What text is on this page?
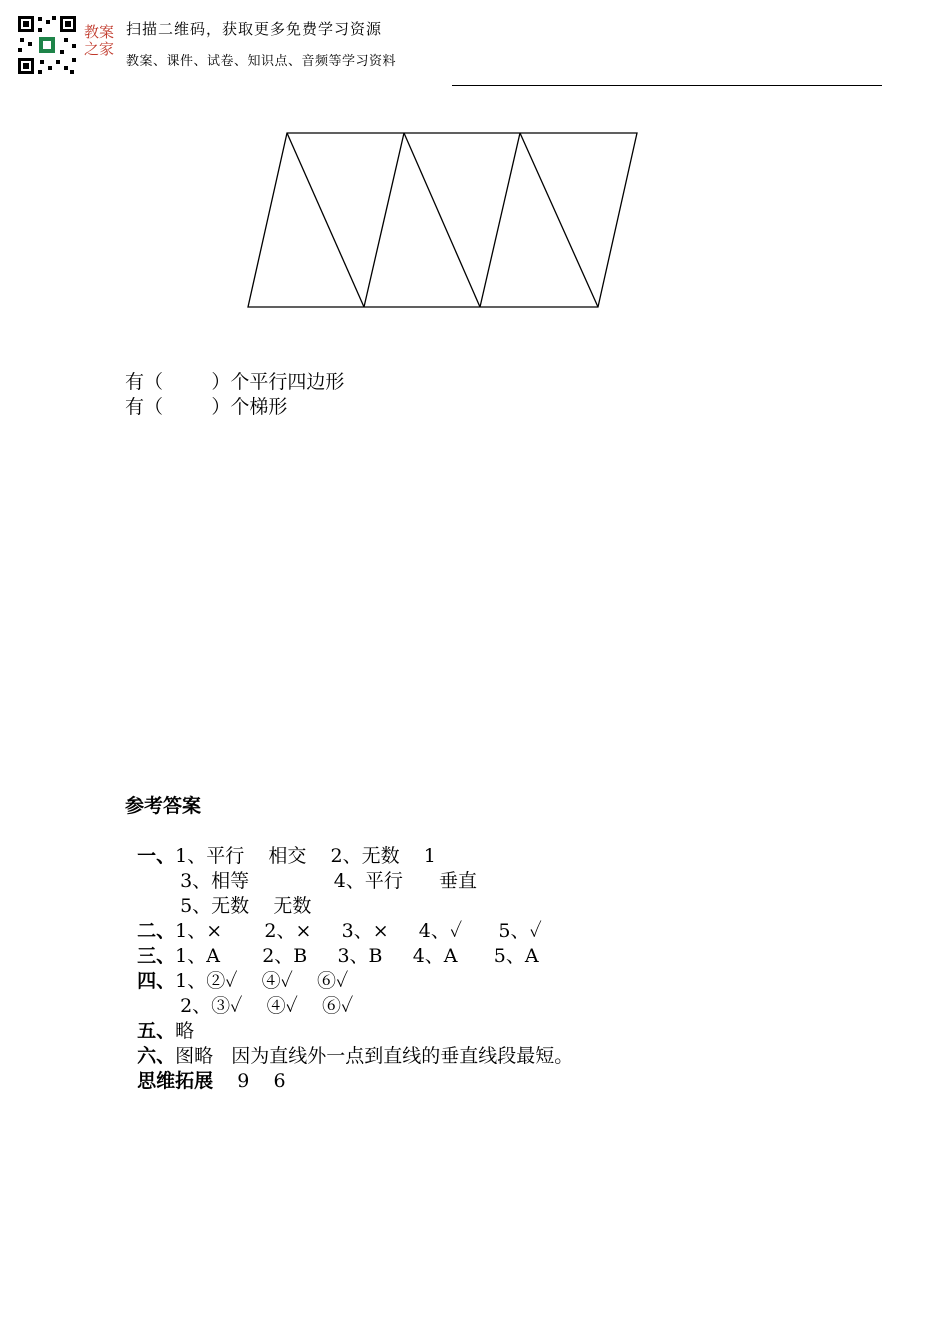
教案
之家
扫描二维码，获取更多免费学习资源
教案、课件、试卷、知识点、音频等学习资料
有（        ）个平行四边形
有（        ）个梯形
参考答案

一、1、平行    相交    2、无数    1

3、相等              4、平行      垂直

5、无数    无数

二、1、×       2、×     3、×     4、✓      5、✓

三、1、A       2、B     3、B     4、A      5、A

四、1、②✓    ④✓    ⑥✓

2、③✓    ④✓    ⑥✓

五、略

六、图略   因为直线外一点到直线的垂直线段最短。

思维拓展    9    6
